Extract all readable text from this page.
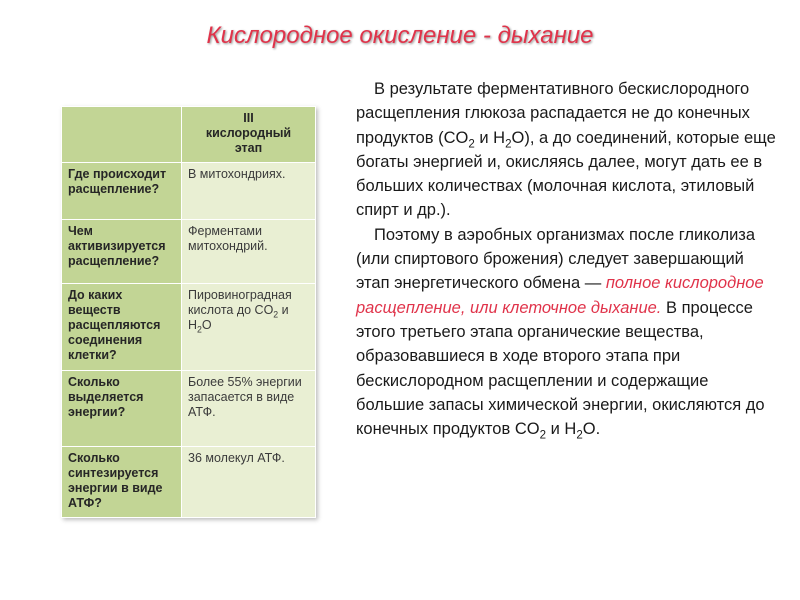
Кислородное окисление - дыхание

	III
кислородный
этап

Где происходит расщепление?	В митохондриях.
Чем активизируется расщепление?	Ферментами митохондрий.
До каких веществ расщепляются соединения клетки?	Пировиноградная кислота до $CO_2$ и $H_2O$
Сколько выделяется энергии?	Более 55% энергии запасается в виде АТФ.
Сколько синтезируется энергии в виде АТФ?	36 молекул АТФ.

В результате ферментативного бескислородного расщепления глюкоза распадается не до конечных продуктов ($CO_2$ и $H_2O$), а до соединений, которые еще богаты энергией и, окисляясь далее, могут дать ее в больших количествах (молочная кислота, этиловый спирт и др.).

Поэтому в аэробных организмах после гликолиза (или спиртового брожения) следует завершающий этап энергетического обмена — полное кислородное расщепление, или клеточное дыхание. В процессе этого третьего этапа органические вещества, образовавшиеся в ходе второго этапа при бескислородном расщеплении и содержащие большие запасы химической энергии, окисляются до конечных продуктов $CO_2$ и $H_2O$.
